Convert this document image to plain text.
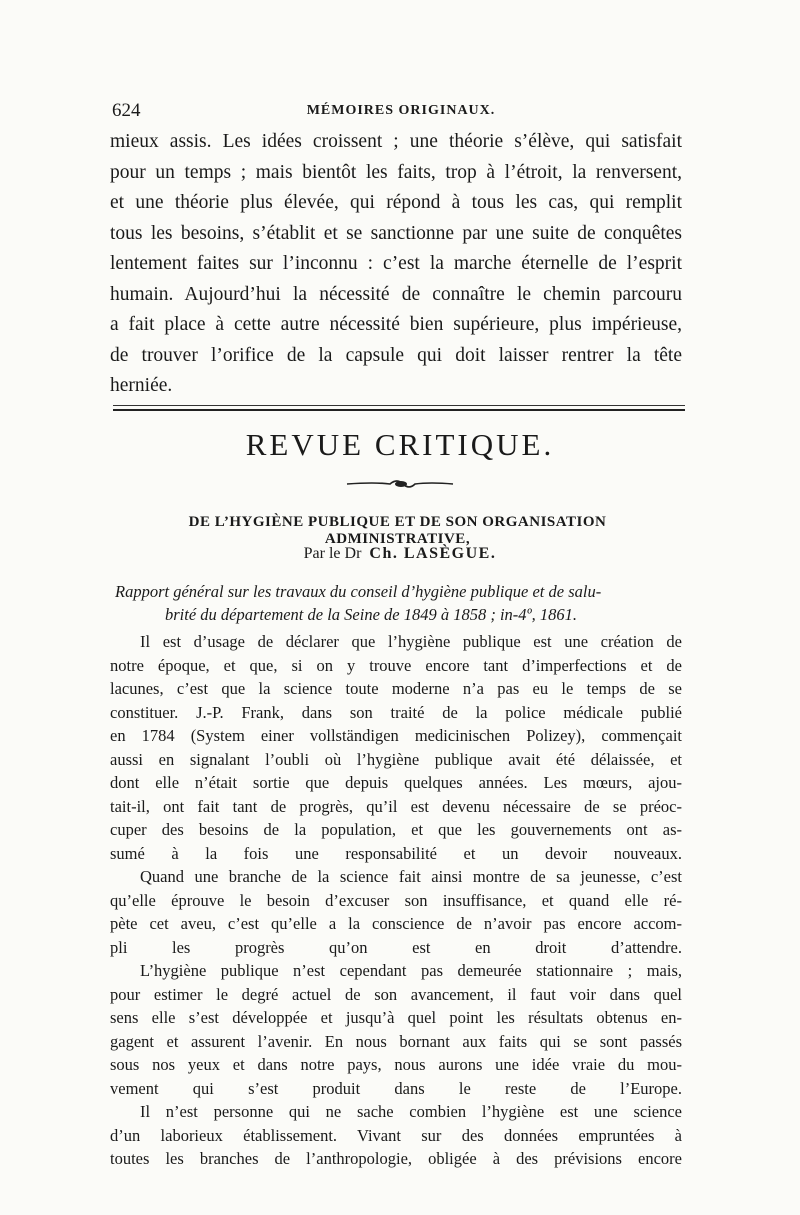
624	MÉMOIRES ORIGINAUX.
mieux assis. Les idées croissent ; une théorie s’élève, qui satisfait
pour un temps ; mais bientôt les faits, trop à l’étroit, la renversent,
et une théorie plus élevée, qui répond à tous les cas, qui remplit
tous les besoins, s’établit et se sanctionne par une suite de conquêtes
lentement faites sur l’inconnu : c’est la marche éternelle de l’esprit
humain. Aujourd’hui la nécessité de connaître le chemin parcouru
a fait place à cette autre nécessité bien supérieure, plus impérieuse,
de trouver l’orifice de la capsule qui doit laisser rentrer la tête
herniée.
REVUE CRITIQUE.
DE L’HYGIÈNE PUBLIQUE ET DE SON ORGANISATION ADMINISTRATIVE,
Par le Dr Ch. LASÈGUE.
Rapport général sur les travaux du conseil d’hygiène publique et de salu-
brité du département de la Seine de 1849 à 1858 ; in-4º, 1861.
Il est d’usage de déclarer que l’hygiène publique est une création de
notre époque, et que, si on y trouve encore tant d’imperfections et de
lacunes, c’est que la science toute moderne n’a pas eu le temps de se
constituer. J.-P. Frank, dans son traité de la police médicale publié
en 1784 (System einer vollständigen medicinischen Polizey), commençait
aussi en signalant l’oubli où l’hygiène publique avait été délaissée, et
dont elle n’était sortie que depuis quelques années. Les mœurs, ajou-
tait-il, ont fait tant de progrès, qu’il est devenu nécessaire de se préoc-
cuper des besoins de la population, et que les gouvernements ont as-
sumé à la fois une responsabilité et un devoir nouveaux.
Quand une branche de la science fait ainsi montre de sa jeunesse, c’est
qu’elle éprouve le besoin d’excuser son insuffisance, et quand elle ré-
pète cet aveu, c’est qu’elle a la conscience de n’avoir pas encore accom-
pli les progrès qu’on est en droit d’attendre.
L’hygiène publique n’est cependant pas demeurée stationnaire ; mais,
pour estimer le degré actuel de son avancement, il faut voir dans quel
sens elle s’est développée et jusqu’à quel point les résultats obtenus en-
gagent et assurent l’avenir. En nous bornant aux faits qui se sont passés
sous nos yeux et dans notre pays, nous aurons une idée vraie du mou-
vement qui s’est produit dans le reste de l’Europe.
Il n’est personne qui ne sache combien l’hygiène est une science
d’un laborieux établissement. Vivant sur des données empruntées à
toutes les branches de l’anthropologie, obligée à des prévisions encore
